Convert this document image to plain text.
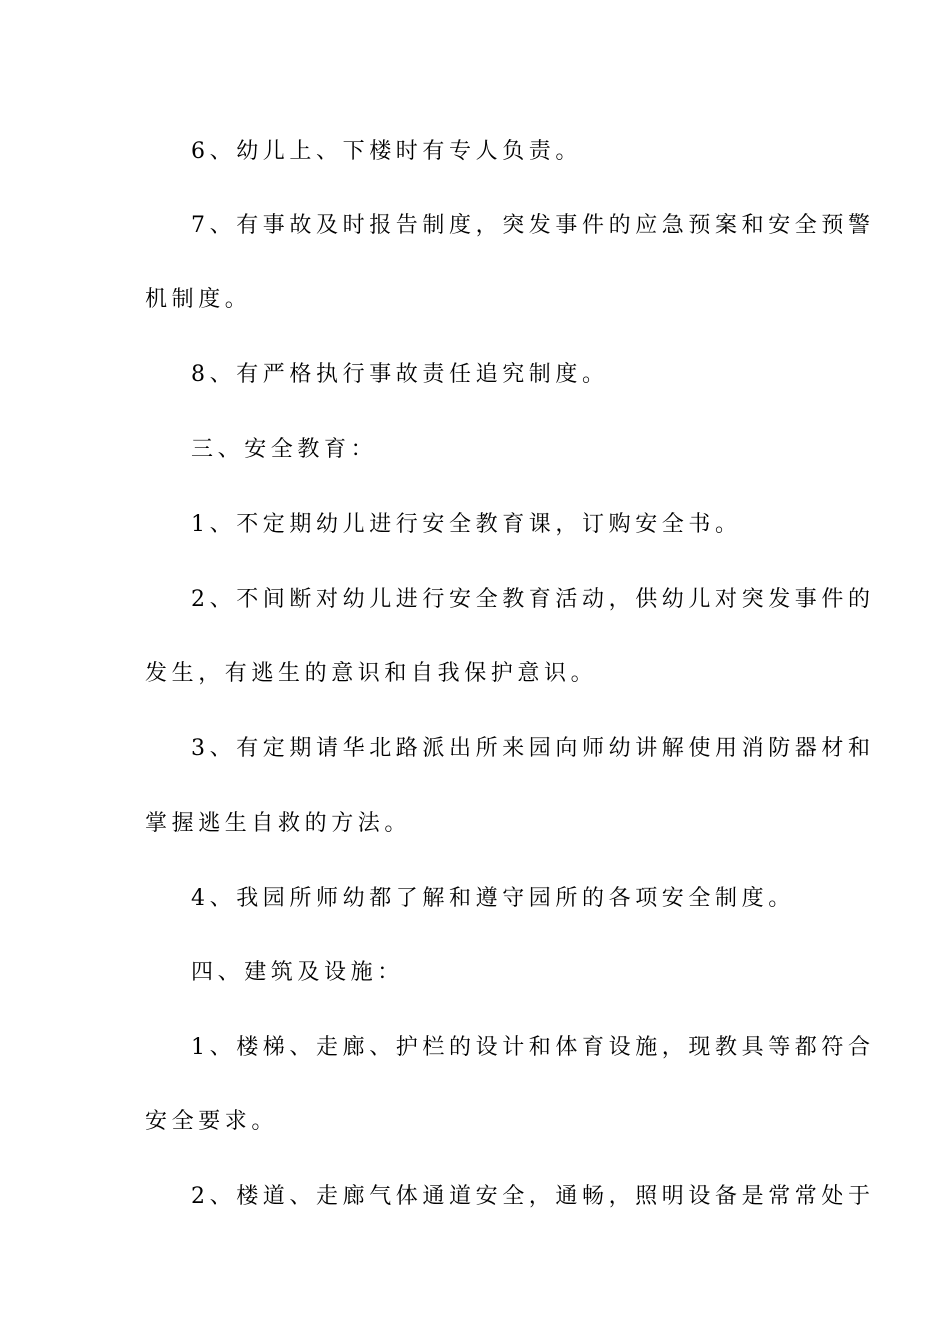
6、幼儿上、下楼时有专人负责。

7、有事故及时报告制度，突发事件的应急预案和安全预警

机制度。

8、有严格执行事故责任追究制度。

三、安全教育：

1、不定期幼儿进行安全教育课，订购安全书。

2、不间断对幼儿进行安全教育活动，供幼儿对突发事件的

发生，有逃生的意识和自我保护意识。

3、有定期请华北路派出所来园向师幼讲解使用消防器材和

掌握逃生自救的方法。

4、我园所师幼都了解和遵守园所的各项安全制度。

四、建筑及设施：

1、楼梯、走廊、护栏的设计和体育设施，现教具等都符合

安全要求。

2、楼道、走廊气体通道安全，通畅，照明设备是常常处于
